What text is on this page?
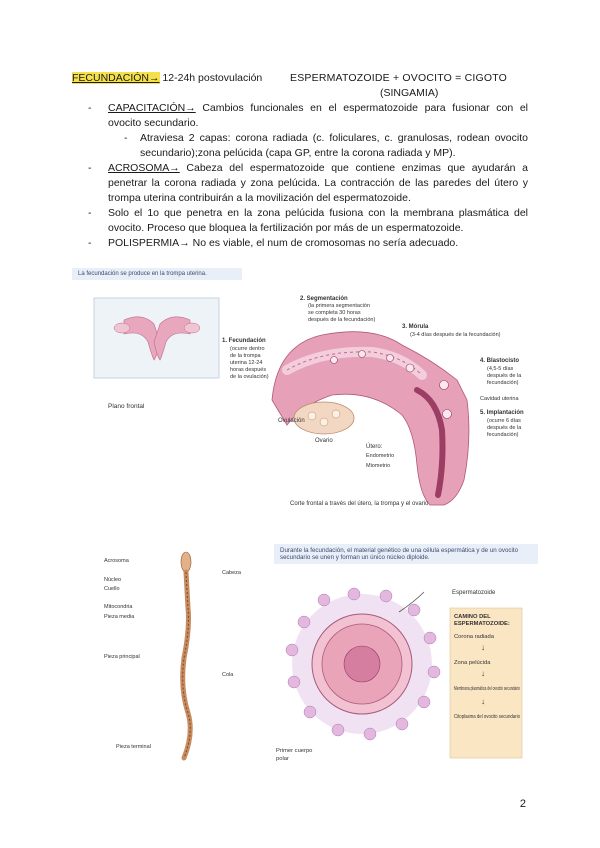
FECUNDACIÓN→ 12-24h postovulación	ESPERMATOZOIDE + OVOCITO = CIGOTO
(SINGAMIA)
- CAPACITACIÓN→ Cambios funcionales en el espermatozoide para fusionar con el ovocito secundario.
- Atraviesa 2 capas: corona radiada (c. foliculares, c. granulosas, rodean ovocito secundario);zona pelúcida (capa GP, entre la corona radiada y MP).
- ACROSOMA→ Cabeza del espermatozoide que contiene enzimas que ayudarán a penetrar la corona radiada y zona pelúcida. La contracción de las paredes del útero y trompa uterina contribuirán a la movilización del espermatozoide.
- Solo el 1o que penetra en la zona pelúcida fusiona con la membrana plasmática del ovocito. Proceso que bloquea la fertilización por más de un espermatozoide.
- POLISPERMIA→ No es viable, el num de cromosomas no sería adecuado.
La fecundación se produce en la trompa uterina.
Plano frontal
1. Fecundación
(ocurre dentro
de la trompa
uterina 12-24
horas después
de la ovulación)
2. Segmentación
(la primera segmentación
se completa 30 horas
después de la fecundación)
3. Mórula
(3-4 días después de la fecundación)
4. Blastocisto
(4,5-5 días
después de la
fecundación)
Cavidad uterina
5. Implantación
(ocurre 6 días
después de la
fecundación)
Ovulación
Ovario
Útero:
Endometrio
Miometrio
Corte frontal a través del útero, la trompa y el ovario
Acrosoma
Núcleo
Cuello
Mitocondria
Pieza media
Pieza principal
Pieza terminal
Cabeza
Cola
Durante la fecundación, el material genético de una célula espermática y de un ovocito secundario se unen y forman un único núcleo diploide.
Espermatozoide
Primer cuerpo
polar
CAMINO DEL
ESPERMATOZOIDE:
Corona radiada
↓
Zona pelúcida
↓
Membrana plasmática del ovocito secundario
↓
Citoplasma del ovocito secundario
2
